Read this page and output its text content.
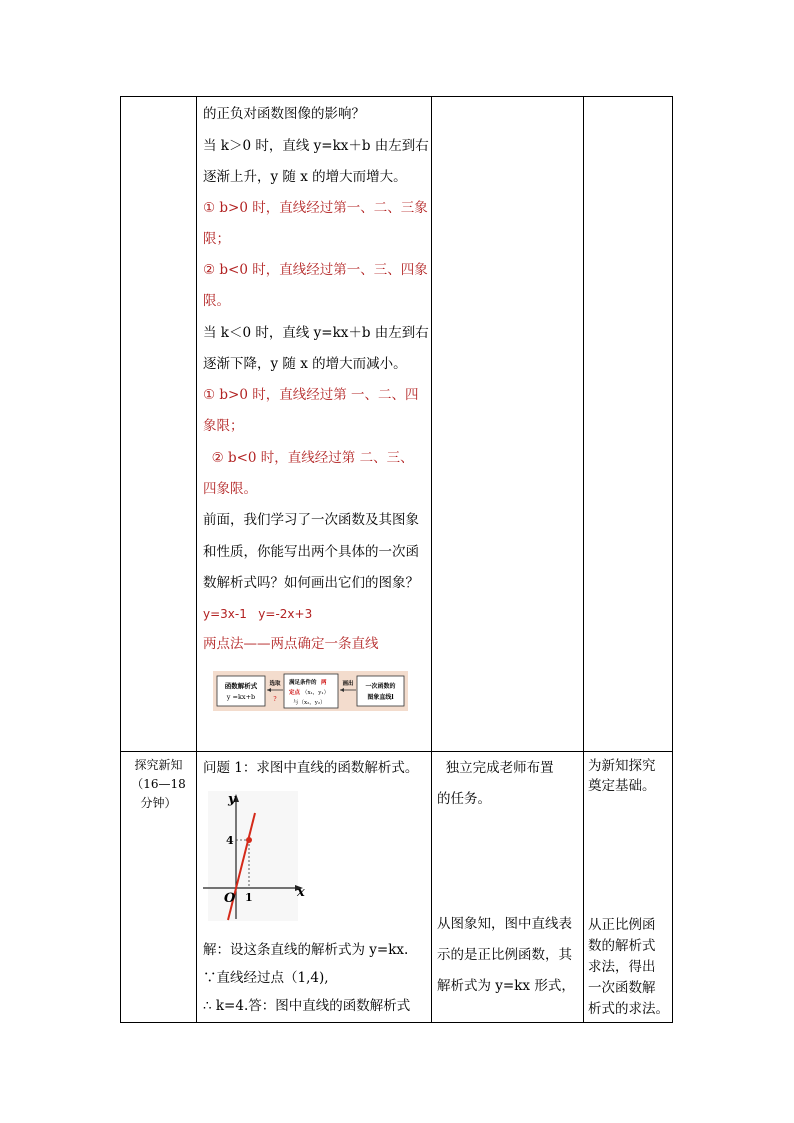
的正负对函数图像的影响？
当 k＞0 时，直线 y=kx＋b 由左到右
逐渐上升，y 随 x 的增大而增大。
① b>0 时，直线经过第一、二、三象
限；
② b<0 时，直线经过第一、三、四象
限。
当 k＜0 时，直线 y=kx＋b 由左到右
逐渐下降，y 随 x 的增大而减小。
① b>0 时，直线经过第 一、二、四
象限；
② b<0 时，直线经过第 二、三、
四象限。
前面，我们学习了一次函数及其图象
和性质，你能写出两个具体的一次函
数解析式吗？如何画出它们的图象？
y=3x-1   y=-2x+3
两点法——两点确定一条直线
函数解析式
y =kx+b
选取
?
满足条件的 两
定点 （x₁，y₁）
与（x₂，y₂）
画出 一次函数的
图象直线l
探究新知
（16—18
分钟）
问题 1：求图中直线的函数解析式。
y
x
O
4
1
解：设这条直线的解析式为 y=kx.
∵直线经过点（1,4),
∴ k=4.答：图中直线的函数解析式
独立完成老师布置
的任务。
从图象知，图中直线表
示的是正比例函数，其
解析式为 y=kx 形式，
为新知探究
奠定基础。
从正比例函
数的解析式
求法，得出
一次函数解
析式的求法。
